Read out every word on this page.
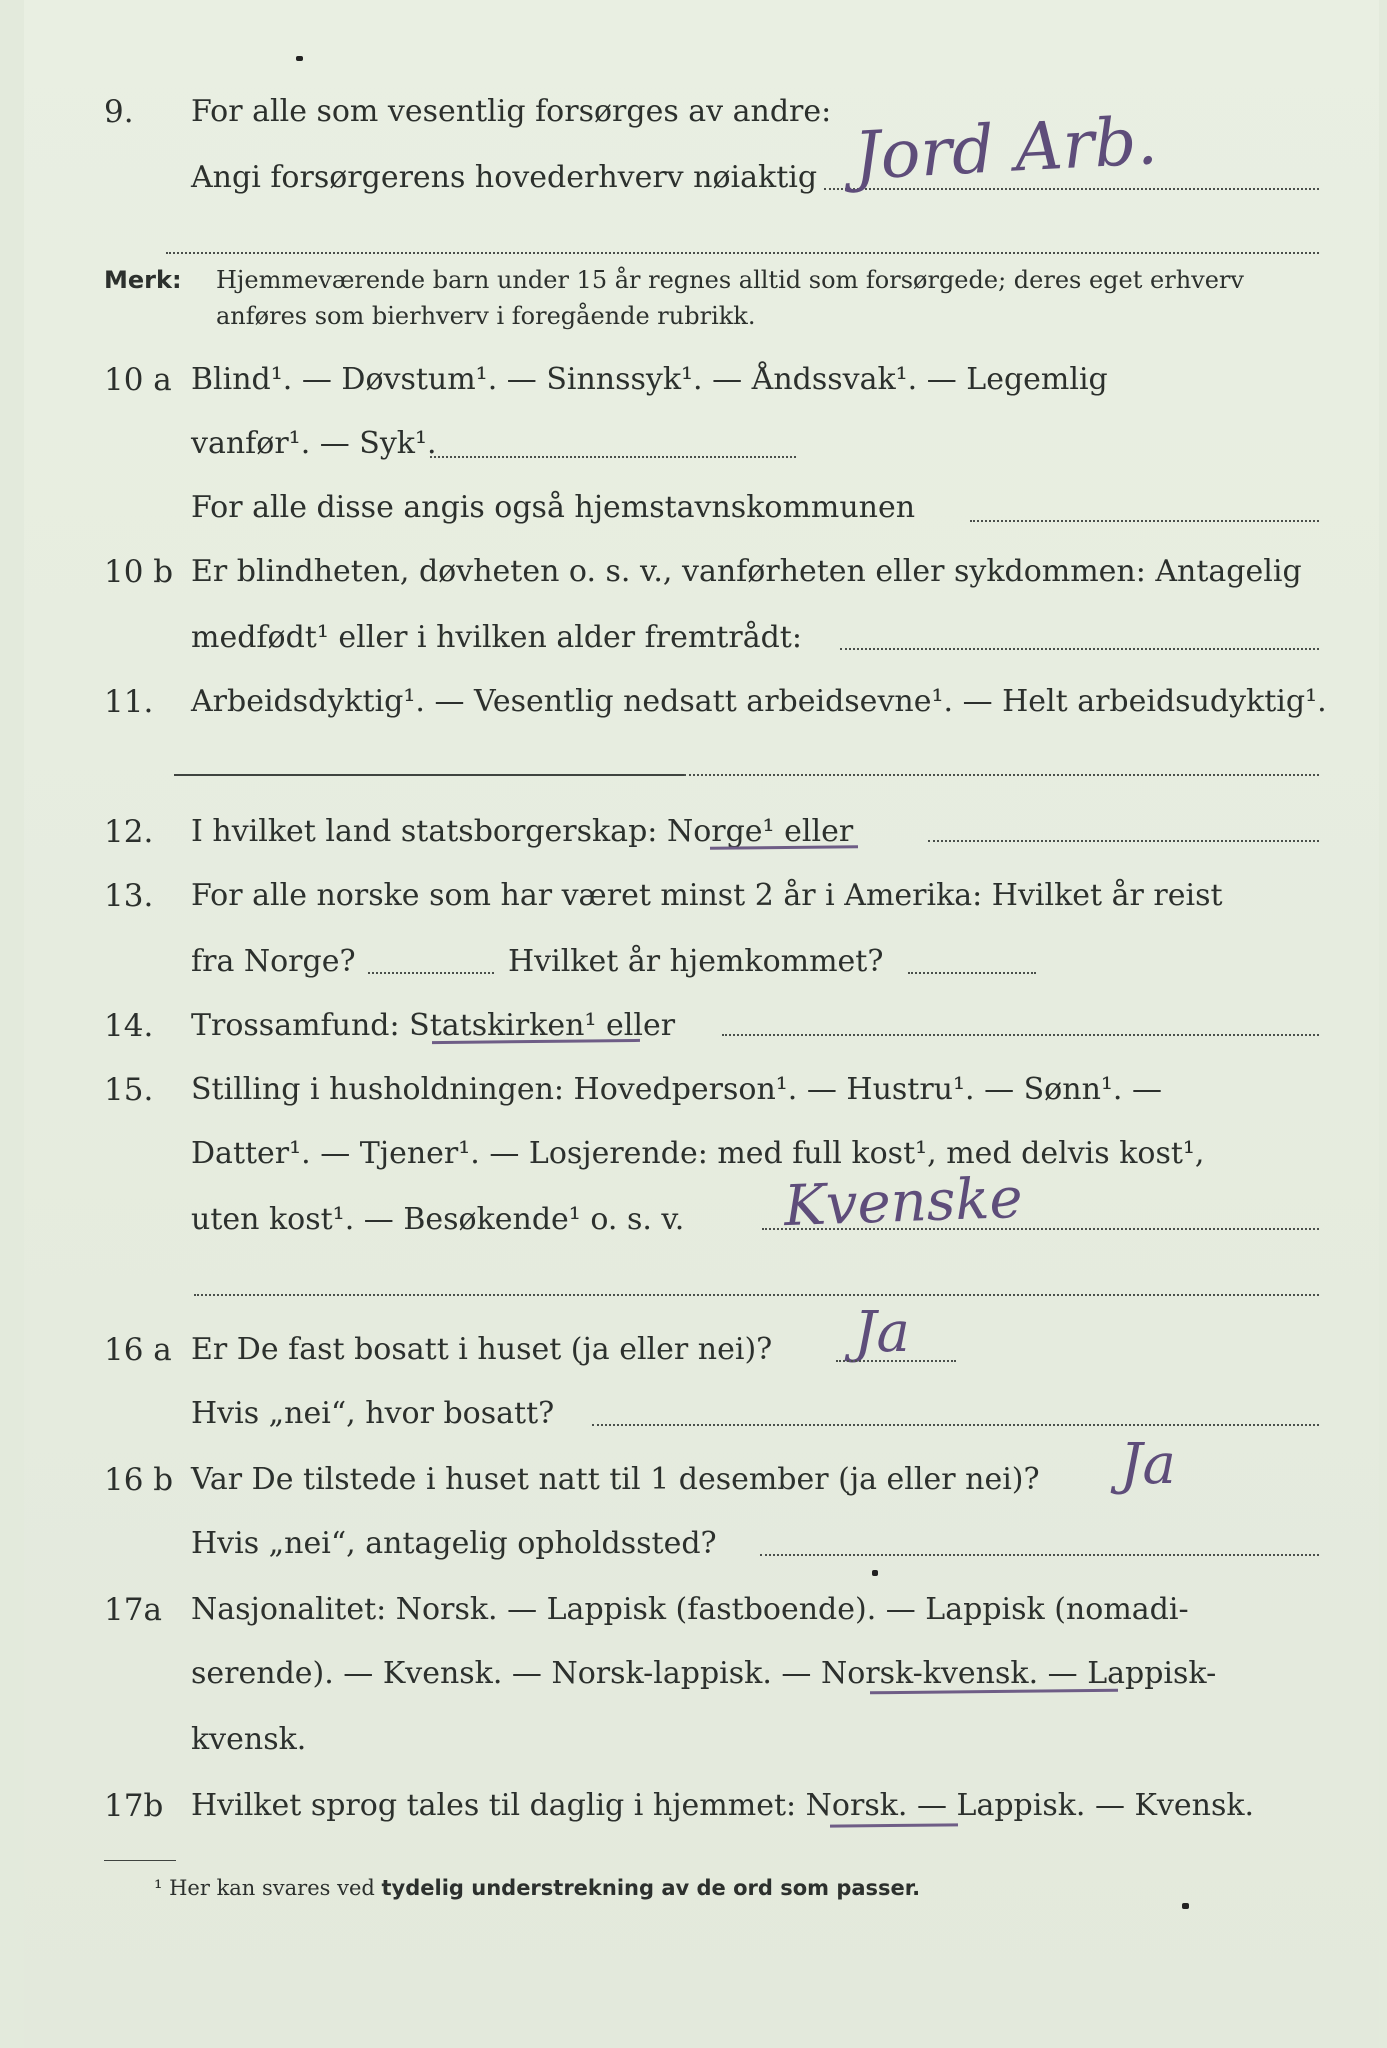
9.	For alle som vesentlig forsørges av andre:
Angi forsørgerens hovederhverv nøiaktig Jord Arb.
Merk: Hjemmeværende barn under 15 år regnes alltid som forsørgede; deres eget erhverv
anføres som bierhverv i foregående rubrikk.
10 a Blind¹. — Døvstum¹. — Sinnssyk¹. — Åndssvak¹. — Legemlig
vanfør¹. — Syk¹.
For alle disse angis også hjemstavnskommunen
10 b Er blindheten, døvheten o. s. v., vanførheten eller sykdommen: Antagelig
medfødt¹ eller i hvilken alder fremtrådt:
11.	Arbeidsdyktig¹. — Vesentlig nedsatt arbeidsevne¹. — Helt arbeidsudyktig¹.
12.	I hvilket land statsborgerskap: Norge¹ eller
13.	For alle norske som har været minst 2 år i Amerika: Hvilket år reist
fra Norge?	Hvilket år hjemkommet?
14.	Trossamfund: Statskirken¹ eller
15.	Stilling i husholdningen: Hovedperson¹. — Hustru¹. — Sønn¹. —
Datter¹. — Tjener¹. — Losjerende: med full kost¹, med delvis kost¹,
uten kost¹. — Besøkende¹ o. s. v. Kvenske
16 a Er De fast bosatt i huset (ja eller nei)? Ja
Hvis „nei“, hvor bosatt?
16 b Var De tilstede i huset natt til 1 desember (ja eller nei)? Ja
Hvis „nei“, antagelig opholdssted?
17a Nasjonalitet: Norsk. — Lappisk (fastboende). — Lappisk (nomadi-
serende). — Kvensk. — Norsk-lappisk. — Norsk-kvensk. — Lappisk-
kvensk.
17b Hvilket sprog tales til daglig i hjemmet: Norsk. — Lappisk. — Kvensk.
¹ Her kan svares ved tydelig understrekning av de ord som passer.
